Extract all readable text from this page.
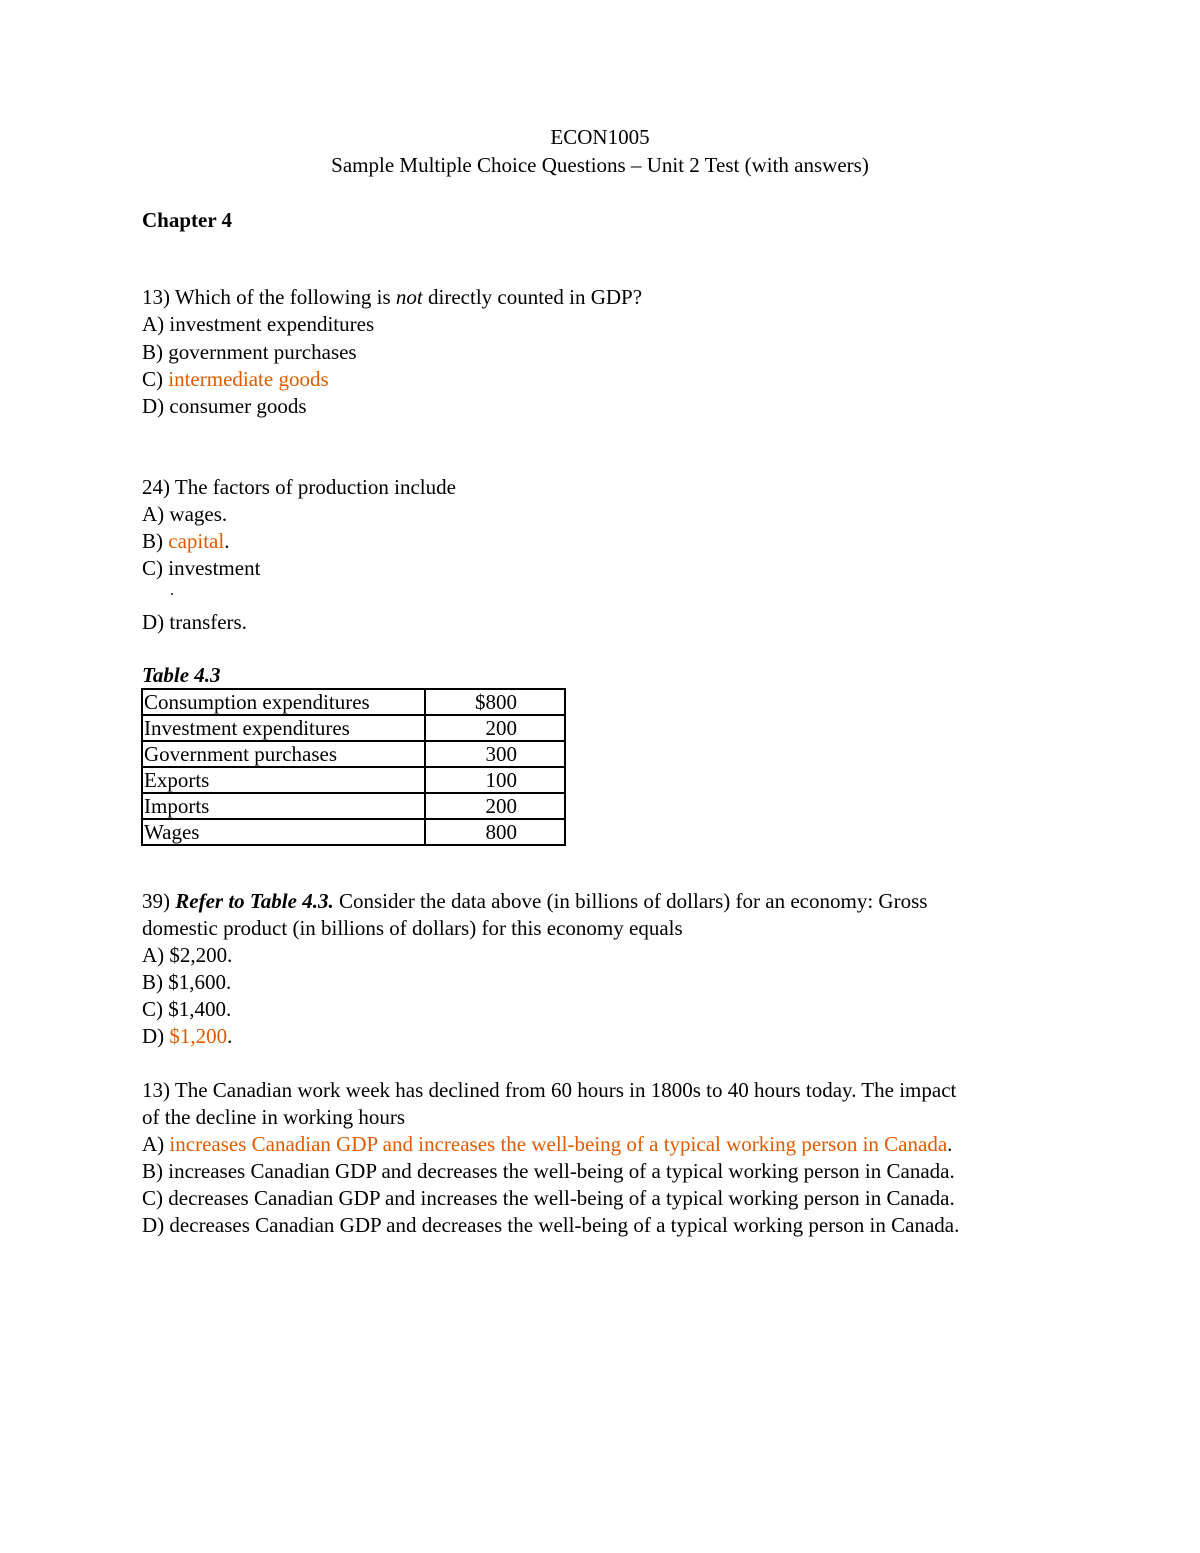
ECON1005
Sample Multiple Choice Questions – Unit 2 Test (with answers)
Chapter 4
13) Which of the following is not directly counted in GDP?
A) investment expenditures
B) government purchases
C) intermediate goods
D) consumer goods
24) The factors of production include
A) wages.
B) capital.
C) investment
.
D) transfers.
Table 4.3
Consumption expenditures	$800
Investment expenditures	200
Government purchases	300
Exports	100
Imports	200
Wages	800
39) Refer to Table 4.3. Consider the data above (in billions of dollars) for an economy: Gross
domestic product (in billions of dollars) for this economy equals
A) $2,200.
B) $1,600.
C) $1,400.
D) $1,200.
13) The Canadian work week has declined from 60 hours in 1800s to 40 hours today. The impact
of the decline in working hours
A) increases Canadian GDP and increases the well-being of a typical working person in Canada.
B) increases Canadian GDP and decreases the well-being of a typical working person in Canada.
C) decreases Canadian GDP and increases the well-being of a typical working person in Canada.
D) decreases Canadian GDP and decreases the well-being of a typical working person in Canada.
